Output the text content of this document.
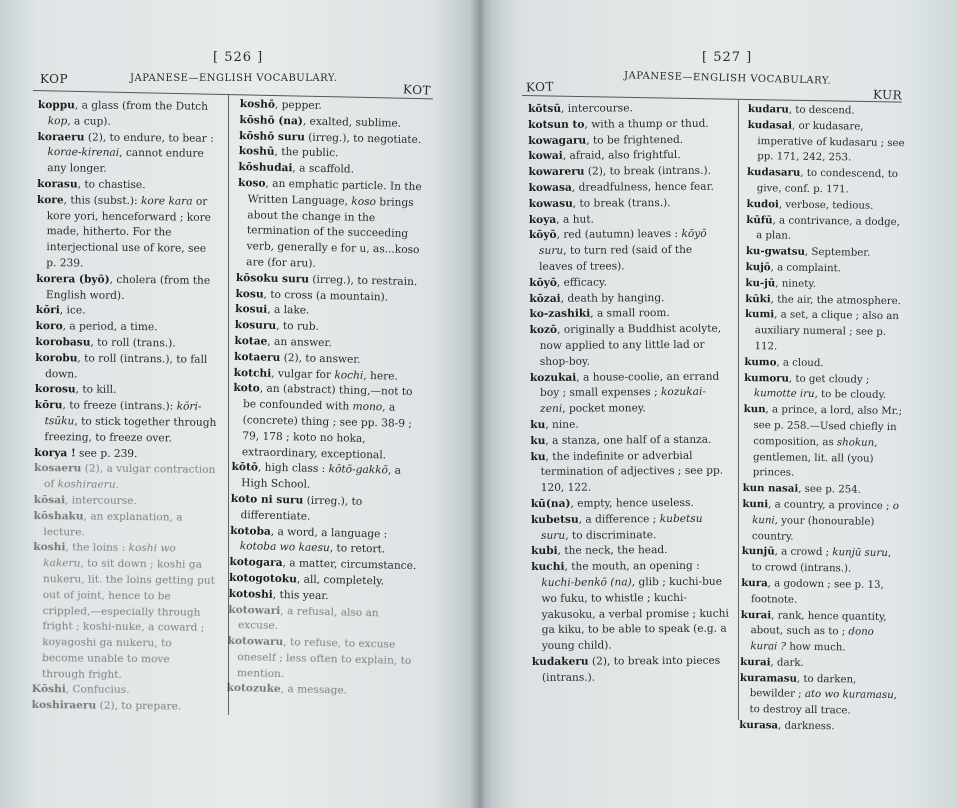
[ 526 ]
KOP	JAPANESE—ENGLISH VOCABULARY.
KOT

koppu, a glass (from the Dutch kop, a cup).

koraeru (2), to endure, to bear : korae-kirenai, cannot endure any longer.

korasu, to chastise.

kore, this (subst.): kore kara or kore yori, henceforward ; kore made, hitherto. For the interjectional use of kore, see p. 239.

korera (byō), cholera (from the English word).

kōri, ice.

koro, a period, a time.

korobasu, to roll (trans.).

korobu, to roll (intrans.), to fall down.

korosu, to kill.

kōru, to freeze (intrans.): kōri-tsūku, to stick together through freezing, to freeze over.

korya ! see p. 239.

kosaeru (2), a vulgar contraction of koshiraeru.

kōsai, intercourse.

kōshaku, an explanation, a lecture.

koshi, the loins : koshi wo kakeru, to sit down ; koshi ga nukeru, lit. the loins getting put out of joint, hence to be crippled,—especially through fright ; koshi-nuke, a coward ; koyagoshi ga nukeru, to become unable to move through fright.

Kōshi, Confucius.

koshiraeru (2), to prepare.

koshō, pepper.

kōshō (na), exalted, sublime.

kōshō suru (irreg.), to negotiate.

koshū, the public.

kōshudai, a scaffold.

koso, an emphatic particle. In the Written Language, koso brings about the change in the termination of the succeeding verb, generally e for u, as...koso are (for aru).

kōsoku suru (irreg.), to restrain.

kosu, to cross (a mountain).

kosui, a lake.

kosuru, to rub.

kotae, an answer.

kotaeru (2), to answer.

kotchi, vulgar for kochi, here.

koto, an (abstract) thing,—not to be confounded with mono, a (concrete) thing ; see pp. 38-9 ; 79, 178 ; koto no hoka, extraordinary, exceptional.

kōtō, high class : kōtō-gakkō, a High School.

koto ni suru (irreg.), to differentiate.

kotoba, a word, a language : kotoba wo kaesu, to retort.

kotogara, a matter, circumstance.

kotogotoku, all, completely.

kotoshi, this year.

kotowari, a refusal, also an excuse.

kotowaru, to refuse, to excuse oneself ; less often to explain, to mention.

kotozuke, a message.

[ 527 ]
KOT
JAPANESE—ENGLISH VOCABULARY.
KUR

kōtsū, intercourse.

kotsun to, with a thump or thud.

kowagaru, to be frightened.

kowai, afraid, also frightful.

kowareru (2), to break (intrans.).

kowasa, dreadfulness, hence fear.

kowasu, to break (trans.).

koya, a hut.

kōyō, red (autumn) leaves : kōyō suru, to turn red (said of the leaves of trees).

kōyō, efficacy.

kōzai, death by hanging.

ko-zashiki, a small room.

kozō, originally a Buddhist acolyte, now applied to any little lad or shop-boy.

kozukai, a house-coolie, an errand boy ; small expenses ; kozukai-zeni, pocket money.

ku, nine.

ku, a stanza, one half of a stanza.

ku, the indefinite or adverbial termination of adjectives ; see pp. 120, 122.

kū(na), empty, hence useless.

kubetsu, a difference ; kubetsu suru, to discriminate.

kubi, the neck, the head.

kuchi, the mouth, an opening : kuchi-benkō (na), glib ; kuchi-bue wo fuku, to whistle ; kuchi-yakusoku, a verbal promise ; kuchi ga kiku, to be able to speak (e.g. a young child).

kudakeru (2), to break into pieces (intrans.).

kudaru, to descend.

kudasai, or kudasare, imperative of kudasaru ; see pp. 171, 242, 253.

kudasaru, to condescend, to give, conf. p. 171.

kudoi, verbose, tedious.

kūfū, a contrivance, a dodge, a plan.

ku-gwatsu, September.

kujō, a complaint.

ku-jū, ninety.

kūki, the air, the atmosphere.

kumi, a set, a clique ; also an auxiliary numeral ; see p. 112.

kumo, a cloud.

kumoru, to get cloudy ; kumotte iru, to be cloudy.

kun, a prince, a lord, also Mr.; see p. 258.—Used chiefly in composition, as shokun, gentlemen, lit. all (you) princes.

kun nasai, see p. 254.

kuni, a country, a province ; o kuni, your (honourable) country.

kunjū, a crowd ; kunjū suru, to crowd (intrans.).

kura, a godown ; see p. 13, footnote.

kurai, rank, hence quantity, about, such as to ; dono kurai ? how much.

kurai, dark.

kuramasu, to darken, bewilder ; ato wo kuramasu, to destroy all trace.

kurasa, darkness.
